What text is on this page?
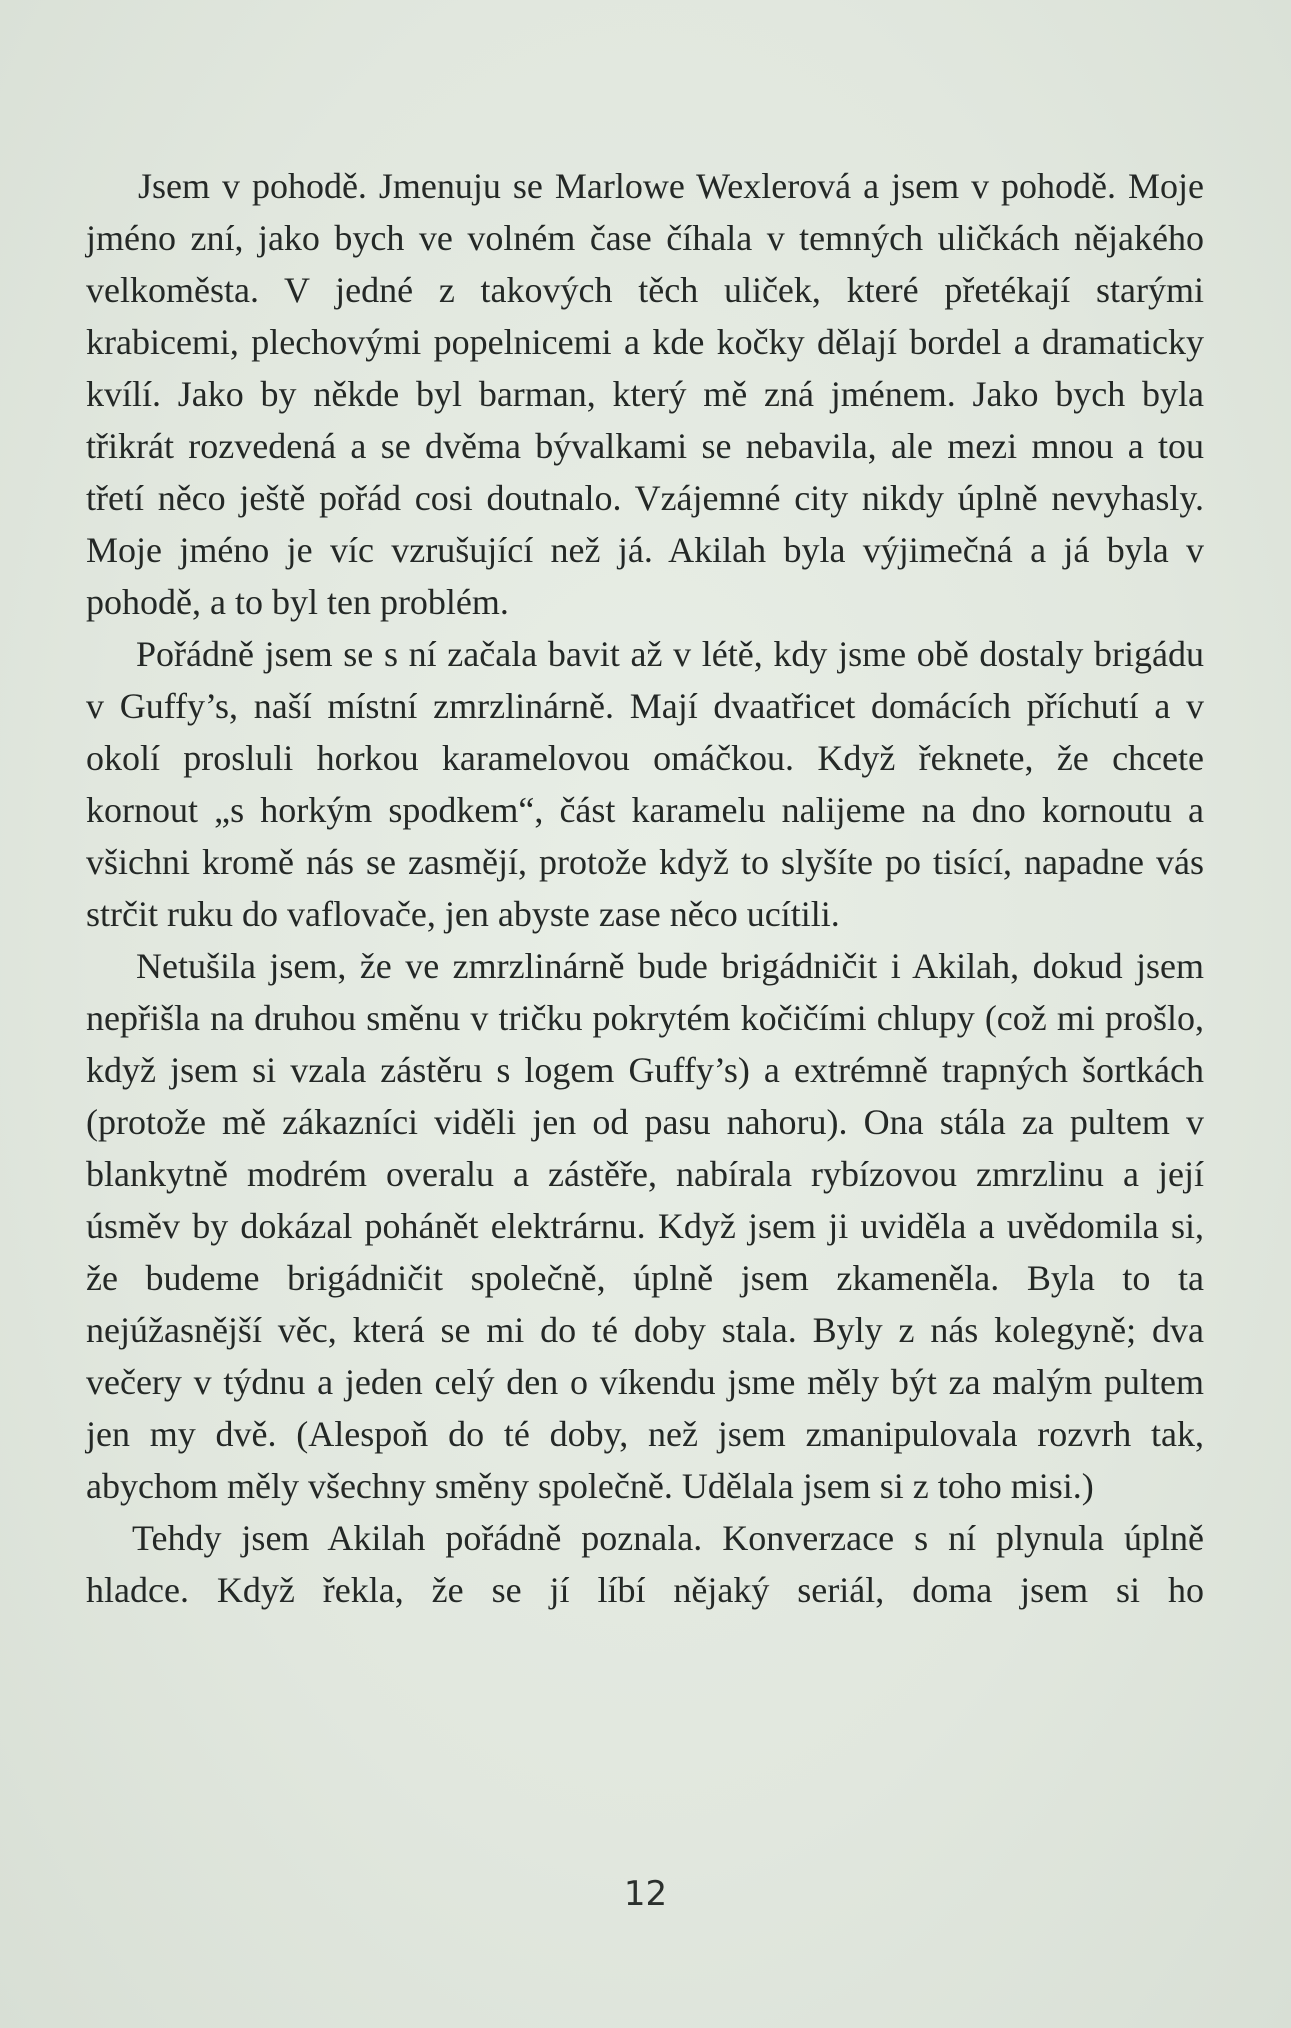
Jsem v pohodě. Jmenuju se Marlowe Wexlerová a jsem v pohodě. Moje jméno zní, jako bych ve volném čase číhala v temných uličkách nějakého velkoměsta. V jedné z takových těch uliček, které přetékají starými krabicemi, plechovými popelnicemi a kde kočky dělají bordel a dramaticky kvílí. Jako by někde byl barman, který mě zná jménem. Jako bych byla třikrát rozvedená a se dvěma bývalkami se nebavila, ale mezi mnou a tou třetí něco ještě pořád cosi doutnalo. Vzájemné city nikdy úplně nevyhasly. Moje jméno je víc vzrušující než já. Akilah byla výjimečná a já byla v pohodě, a to byl ten problém.

Pořádně jsem se s ní začala bavit až v létě, kdy jsme obě dostaly brigádu v Guffy’s, naší místní zmrzlinárně. Mají dvaatřicet domácích příchutí a v okolí prosluli horkou karamelovou omáčkou. Když řeknete, že chcete kornout „s horkým spodkem“, část karamelu nalijeme na dno kornoutu a všichni kromě nás se zasmějí, protože když to slyšíte po tisící, napadne vás strčit ruku do vaflovače, jen abyste zase něco ucítili.

Netušila jsem, že ve zmrzlinárně bude brigádničit i Akilah, dokud jsem nepřišla na druhou směnu v tričku pokrytém kočičími chlupy (což mi prošlo, když jsem si vzala zástěru s logem Guffy’s) a extrémně trapných šortkách (protože mě zákazníci viděli jen od pasu nahoru). Ona stála za pultem v blankytně modrém overalu a zástěře, nabírala rybízovou zmrzlinu a její úsměv by dokázal pohánět elektrárnu. Když jsem ji uviděla a uvědomila si, že budeme brigádničit společně, úplně jsem zkameněla. Byla to ta nejúžasnější věc, která se mi do té doby stala. Byly z nás kolegyně; dva večery v týdnu a jeden celý den o víkendu jsme měly být za malým pultem jen my dvě. (Alespoň do té doby, než jsem zmanipulovala rozvrh tak, abychom měly všechny směny společně. Udělala jsem si z toho misi.)

Tehdy jsem Akilah pořádně poznala. Konverzace s ní plynula úplně hladce. Když řekla, že se jí líbí nějaký seriál, doma jsem si ho

12
